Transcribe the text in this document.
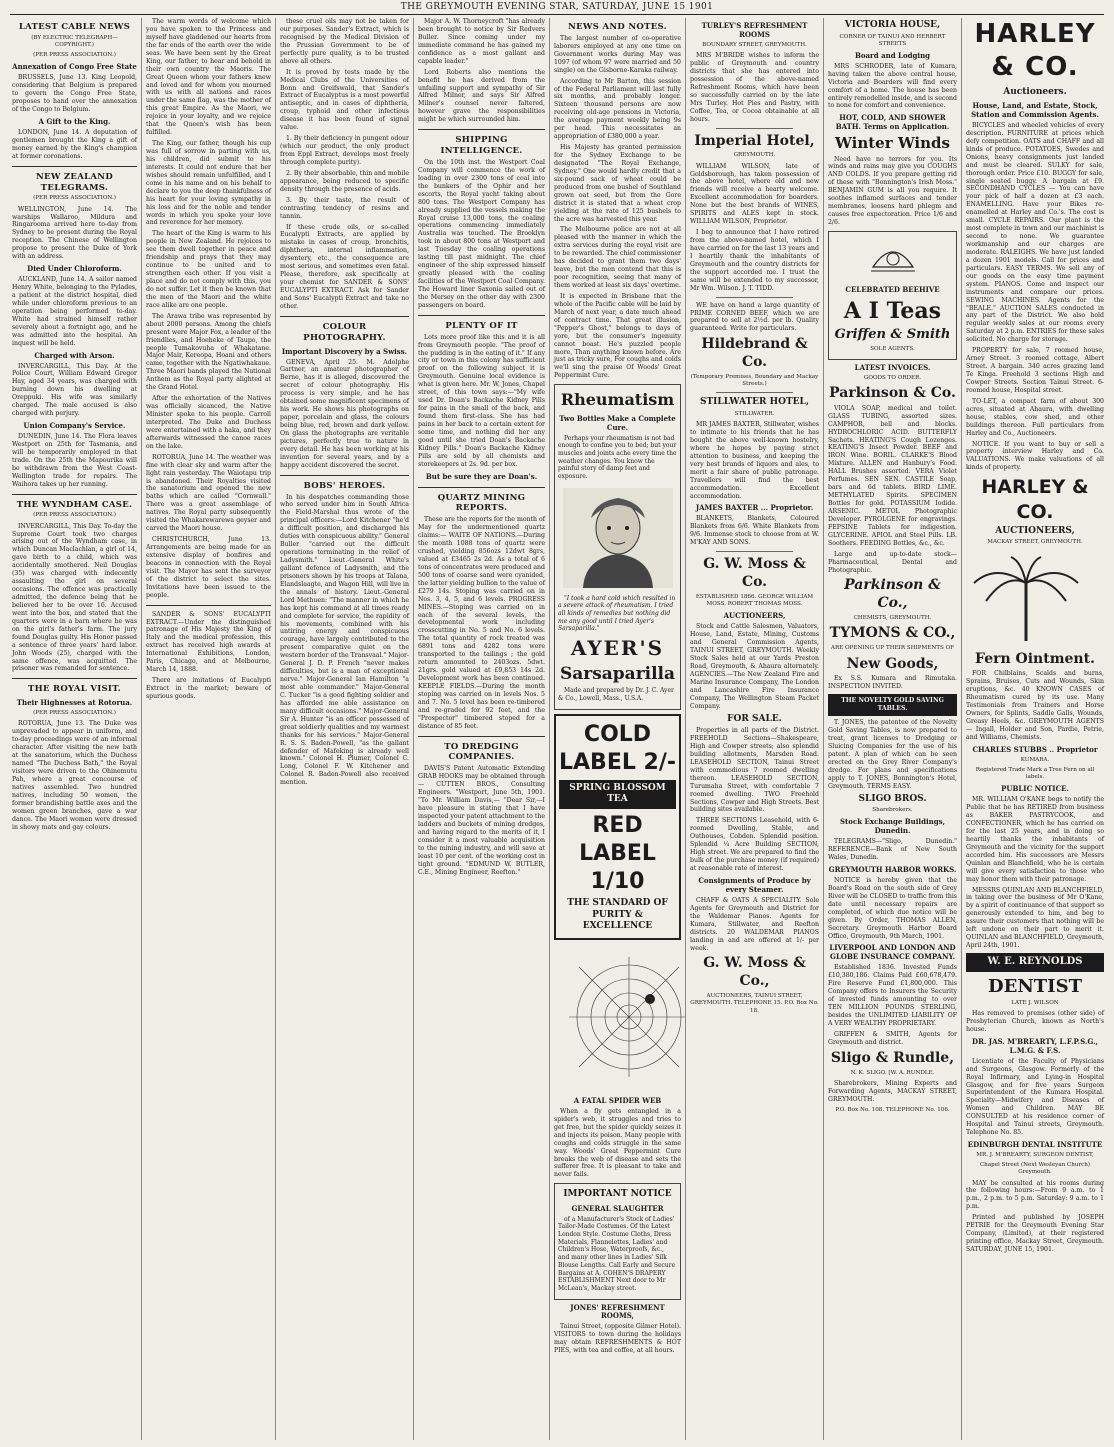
THE GREYMOUTH EVENING STAR, SATURDAY, JUNE 15 1901
LATEST CABLE NEWS
(BY ELECTRIC TELEGRAPH—COPYRIGHT.)
(PER PRESS ASSOCIATION.)
Annexation of Congo Free State

BRUSSELS, June 13. King Leopold, considering that Belgium is prepared to govern the Congo Free State, proposes to hand over the annexation of the Congo to Belgium.

A Gift to the King.

LONDON, June 14. A deputation of gentlemen brought the King a gift of money earned by the King's champion at former coronations.

NEW ZEALAND TELEGRAMS.
(PER PRESS ASSOCIATION.)

WELLINGTON, June 14. The warships Wallaroo, Mildura and Ringarooma arrived here to-day from Sydney to be present during the Royal reception. The Chinese of Wellington propose to present the Duke of York with an address.

Died Under Chloroform.

AUCKLAND, June 14. A sailor named Henry White, belonging to the Pylades, a patient at the district hospital, died while under chloroform previous to an operation being performed to-day. White had strained himself rather severely about a fortnight ago, and he was admitted into the hospital. An inquest will be held.

Charged with Arson.

INVERCARGILL, This Day. At the Police Court, William Edward Gregor Hay, aged 34 years, was charged with burning down his dwelling at Oreppuki. His wife was similarly charged. The male accused is also charged with perjury.

Union Company's Service.

DUNEDIN, June 14. The Flora leaves Westport on 25th for Tasmania, and will be temporarily employed in that trade. On the 25th the Mapourika will be withdrawn from the West Coast-Wellington trade for repairs. The Waihora takes up her running.

THE WYNDHAM CASE.
(PER PRESS ASSOCIATION.)

INVERCARGILL, This Day. To-day the Supreme Court took two charges arising out of the Wyndham case, in which Duncan Maclachlan, a girl of 14, gave birth to a child, which was accidentally smothered. Neil Douglas (35) was charged with indecently assaulting the girl on several occasions. The offence was practically admitted, the defence being that he believed her to be over 16. Accused went into the box, and stated that the quarters were in a barn where he was on the girl's father's farm. The jury found Douglas guilty. His Honor passed a sentence of three years' hard labor. John Woods (25), charged with the same offence, was acquitted. The prisoner was remanded for sentence.

THE ROYAL VISIT.
Their Highnesses at Rotorua.
(PER PRESS ASSOCIATION.)

ROTORUA, June 13. The Duke was unprevaded to appear in uniform, and to-day proceedings were of an informal character. After visiting the new bath at the sanatorium, which the Duchess named "The Duchess Bath," the Royal visitors were driven to the Ohinemutu Pah, where a great concourse of natives assembled. Two hundred natives, including 50 women, the former brandishing battle axes and the women green branches, gave a war dance. The Maori women were dressed in showy mats and gay colours.

The warm words of welcome which you have spoken to the Princess and myself have gladdened our hearts from the far ends of the earth over the wide seas. We have been sent by the Great King, our father, to hear and behold in their own country the Maoris. The Great Queen whom your fathers knew and loved and for whom you mourned with us with all nations and races under the same flag, was the mother of this great Empire. As the Maori, we rejoice in your loyalty, and we rejoice that the Queen's wish has been fulfilled.

The King, our father, though his cup was full of sorrow in parting with us, his children, did submit to his interests. It could not endure that her wishes should remain unfulfilled, and I come in his name and on his behalf to declare to you the deep thankfulness of his heart for your loving sympathy in his loss and for the noble and tender words in which you spoke your love and reverence for her memory.

The heart of the King is warm to his people in New Zealand. He rejoices to see them dwell together in peace and friendship and prays that they may continue to be united and to strengthen each other. If you visit a place and do not comply with this, you do not suffer. Let it then be known that the men of the Maori and the white race alike are one people.

The Arawa tribe was represented by about 2000 persons. Among the chiefs present were Major Fox, a leader of the friendlies, and Hoeheke of Taupo, the people Tumakovuha of Whakatane. Major Mair, Kereopa, Hoani and others came, together with the Ngatiwhakaue. Three Maori bands played the National Anthem as the Royal party alighted at the Grand Hotel.

After the exhortation of the Natives was officially sicanced, the Native Minister spoke to his people. Carroll interpreted. The Duke and Duchess were entertained with a haka, and they afterwards witnessed the canoe races on the lake.

ROTORUA, June 14. The weather was fine with clear sky and warm after the light rain yesterday. The Waiotapu trip is abandoned. Their Royalties visited the sanatorium and opened the new baths which are called "Cornwall." There was a great assemblage of natives. The Royal party subsequently visited the Whakarewarewa geyser and carved the Maori house.

CHRISTCHURCH, June 13. Arrangements are being made for an extensive display of bonfires and beacons in connection with the Royal visit. The Mayor has sent the surveyor of the district to select the sites. Invitations have been issued to the people.

SANDER & SONS' EUCALYPTI EXTRACT.—Under the distinguished patronage of His Majesty the King of Italy and the medical profession, this extract has received high awards at International Exhibitions, London, Paris, Chicago, and at Melbourne, March 14, 1888.

There are imitations of Eucalypti Extract in the market; beware of spurious goods.

these cruel oils may not be taken for our purposes. Sander's Extract, which is recognised by the Medical Division of the Prussian Government to be of perfectly pure quality, is to be trusted above all others.

It is proved by tests made by the Medical Clubs of the Universities of Bonn and Greifswald, that Sander's Extract of Eucalyptus is a most powerful antiseptic, and in cases of diphtheria, croup, typhoid and other infectious disease it has been found of signal value.

1. By their deficiency in pungent odour (which our product, the only product from Eppl Extract, develops most freely through complete purity).

2. By their absorbable, thin and mobile appearance, being reduced to specific density through the presence of acids.

3. By their taste, the result of contrasting tendency of resins and tannin.

If these crude oils, or so-called Eucalypti Extracts, are applied by mistake in cases of croup, bronchitis, diphtheria, internal inflammation, dysentery, etc., the consequence are most serious, and sometimes even fatal. Please, therefore, ask specifically at your chemist for SANDER & SONS' EUCALYPTI EXTRACT. Ask for Sander and Sons' Eucalypti Extract and take no other.

COLOUR PHOTOGRAPHY.
Important Discovery by a Swiss.

GENEVA, April 25. M. Adolphe Gartner, an amateur photographer of Berne, has it is alleged, discovered the secret of colour photography. His process is very simple, and he has obtained some magnificent specimens of his work. He shows his photographs on paper, porcelain and glass, the colours being blue, red, brown and dark yellow. On glass the photographs are veritable pictures, perfectly true to nature in every detail. He has been working at his invention for several years, and by a happy accident discovered the secret.

BOBS' HEROES.

In his despatches commanding those who served under him in South Africa the Field-Marshal thus wrote of the principal officers:—Lord Kitchener "he'd a difficult position, and discharged his duties with conspicuous ability." General Buller "carried out the difficult operations terminating in the relief of Ladysmith." Lieut.-General White's gallant defence of Ladysmith, and the prisoners shown by his troops at Talana, Elandslaagte, and Wagon Hill, will live in the annals of history. Lieut.-General Lord Methuen: "The manner in which he has kept his command at all times ready and complete for service, the rapidity of his movements, combined with his untiring energy and conspicuous courage, have largely contributed to the present comparative quiet on the western border of the Transvaal." Major-General J. D. P. French "never makes difficulties, but is a man of exceptional nerve." Major-General Ian Hamilton "a most able commander." Major-General C. Tucker "is a good fighting soldier and has afforded me able assistance on many difficult occasions." Major-General Sir A. Hunter "is an officer possessed of great soldierly qualities and my warmest thanks for his services." Major-General R. S. S. Baden-Powell, "as the gallant defender of Mafeking is already well known." Colonel H. Plumer, Colonel C. Long, Colonel F. W. Kitchener and Colonel R. Baden-Powell also received mention.

Major A. W. Thorneycroft "has already been brought to notice by Sir Redvers Buller. Since coming under my immediate command he has gained my confidence as a most gallant and capable leader."

Lord Roberts also mentions the benefit he has derived from the unfailing support and sympathy of Sir Alfred Milner, and says Sir Alfred Milner's counsel never faltered, however grave the responsibilities might be which surrounded him.

SHIPPING INTELLIGENCE.

On the 10th inst. the Westport Coal Company will commence the work of loading in over 2300 tons of coal into the bunkers of the Ophir and her escorts, the Royal yacht taking about 800 tons. The Westport Company has already supplied the vessels making the Royal cruise 13,000 tons, the coaling operations commencing immediately Australia was touched. The Brooklyn took in about 800 tons at Westport and last Tuesday the coaling operations lasting till past midnight. The chief engineer of the ship expressed himself greatly pleased with the coaling facilities of the Westport Coal Company. The Howard liner Saxonia sailed out of the Mersey on the other day with 2300 passengers on board.

PLENTY OF IT

Lots more proof like this and it is all from Greymouth people. "The proof of the pudding is in the eating of it." If any city or town in this colony has sufficient proof on the following subject it is Greymouth. Genuine local evidence is what is given here. Mr. W. Jones, Chapel street, of this town says:—"My wife used Dr. Doan's Backache Kidney Pills for pains in the small of the back, and found them first-class. She has had pains in her back to a certain extent for some time, and nothing did her any good until she tried Doan's Backache Kidney Pills." Doan's Backache Kidney Pills are sold by all chemists and storekeepers at 2s. 9d. per box.

But be sure they are Doan's.
QUARTZ MINING REPORTS.

These are the reports for the month of May for the undermentioned quartz claims:— WAITE OF NATIONS.—During the month 1088 tons of quartz were crushed, yielding 856ozs 12dwt 8grs, valued at £3465 2s 2d. As a total of 6 tons of concentrates were produced and 500 tons of coarse sand were cyanided, the latter yielding bullion to the value of £279 14s. Stoping was carried on in Nos. 3, 4, 5, and 6 levels. PROGRESS MINES.—Stoping was carried on in each of the several levels, the developmental work including crosscutting in No. 5 and No. 6 levels. The total quantity of rock treated was 6891 tons and 4282 tons were transported to the tailings ; the gold return amounted to 2403ozs. 5dwt. 21grs. gold valued at £9,853 14s 2d. Development work has been continued. KEEPLE FIELDS.—During the month stoping was carried on in levels Nos. 5 and 7. No. 5 level has been re-timbered and re-graded for 92 feet, and the "Prospector" timbered stoped for a distance of 85 feet.

TO DREDGING COMPANIES.

DAVIS'S Patent Automatic Extending GRAB HOOKS may be obtained through— CUTTEN BROS., Consulting Engineers. "Westport, June 5th, 1901. "To Mr. William Davis,— "Dear Sir,—I have pleasure in stating that I have inspected your patent attachment to the ladders and buckets of mining dredges, and having regard to the merits of it, I consider it a most valuable acquisition to the mining industry, and will save at least 10 per cent. of the working cost in tight ground. "EDMUND W. BUTLER, C.E., Mining Engineer, Reefton."

NEWS AND NOTES.

The largest number of co-operative laborers employed at any one time on Government works during May was 1097 (of whom 97 were married and 50 single) on the Gisborne-Karaka railway.

According to Mr Barton, this session of the Federal Parliament will last fully six months, and probably longer. Sixteen thousand persons are now receiving old-age pensions in Victoria, the average payment weekly being 9s per head. This necessitates an appropriation of £380,000 a year.

His Majesty has granted permission for the Sydney Exchange to be designated "The Royal Exchange, Sydney." One would hardly credit that a six-pound sack of wheat could be produced from one bushel of Southland grown oat seed, but from the Gore district it is stated that a wheat crop yielding at the rate of 125 bushels to the acre was harvested this year.

The Melbourne police are not at all pleased with the manner in which the extra services during the royal visit are to be rewarded. The chief commissioner has decided to grant them two days' leave, but the men contend that this is poor recognition, seeing that many of them worked at least six days' overtime.

It is expected in Brisbane that the whole of the Pacific cable will be laid by March of next year, a date much ahead of contract time. That great illusion, "Pepper's Ghost," belongs to days of yore, but the consumer's ingenuity cannot boast. He's puzzled people more, Than anything known before. Are just as tricky sure, For coughs and colds we'll sing the praise Of Woods' Great Peppermint Cure.

Rheumatism
Two Bottles Make a Complete Cure.

Perhaps your rheumatism is not bad enough to confine you to bed; but your muscles and joints ache every time the weather changes. You know the painful story of damp feet and exposure.

"I took a hard cold which resulted in a severe attack of rheumatism. I tried all kinds of remedies but nothing did me any good until I tried Ayer's Sarsaparilla."

AYER'S
Sarsaparilla

Made and prepared by Dr. J. C. Ayer & Co., Lowell, Mass., U.S.A.

COLD LABEL 2/-
SPRING BLOSSOM TEA
RED LABEL 1/10
THE STANDARD OF PURITY & EXCELLENCE
A FATAL SPIDER WEB

When a fly gets entangled in a spider's web, it struggles and tries to get free, but the spider quickly seizes it and injects its poison. Many people with coughs and colds struggle in the same way. Woods' Great Peppermint Cure breaks the web of disease and sets the sufferer free. It is pleasant to take and never fails.

IMPORTANT NOTICE
GENERAL SLAUGHTER

of a Manufacturer's Stock of Ladies' Tailor-Made Costumes. Of the Latest London Style. Costume Cloths, Dress Materials, Flannelettes, Ladies' and Children's Hose, Waterproofs, &c., and many other lines in Ladies' Silk Blouse Lengths. Call Early and Secure Bargains at A. COHEN'S DRAPERY ESTABLISHMENT Next door to Mr McLean's, Mackay street.

JONES' REFRESHMENT ROOMS,

Tainui Street, (opposite Gilmer Hotel). VISITORS to town during the holidays may obtain REFRESHMENTS & HOT PIES, with tea and coffee, at all hours.

TURLEY'S REFRESHMENT ROOMS
BOUNDARY STREET, GREYMOUTH.

MRS M'BRIDE wishes to inform the public of Greymouth and country districts that she has entered into possession of the above-named Refreshment Rooms, which have been so successfully carried on by the late Mrs Turley. Hot Pies and Pastry, with Coffee, Tea, or Cocoa obtainable at all hours.

Imperial Hotel,
GREYMOUTH.

WILLIAM WILSON, late of Goldsborough, has taken possession of the above hotel, where old and new friends will receive a hearty welcome. Excellent accommodation for boarders. None but the best brands of WINES, SPIRITS and ALES kept in stock. WILLIAM WILSON, Proprietor.

I beg to announce that I have retired from the above-named hotel, which I have carried on for the last 13 years and I heartily thank the inhabitants of Greymouth and the country districts for the support accorded me. I trust the same will be extended to my successor, Mr Wm. Wilson. J. T. TIDD.

WE have on hand a large quantity of PRIME CORNED BEEF, which we are prepared to sell at 2½d. per lb. Quality guaranteed. Write for particulars.

Hildebrand & Co.
(Temporary Premises, Boundary and Mackay Streets.)
STILLWATER HOTEL,
STILLWATER.

MR JAMES BAXTER, Stillwater, wishes to intimate to his friends that he has bought the above well-known hostelry, where he hopes by paying strict attention to business, and keeping the very best brands of liquors and ales, to merit a fair share of public patronage. Travellers will find the best accommodation. Excellent accommodation.

JAMES BAXTER ... Proprietor.

BLANKETS, Blankets, Coloured Blankets from 6/6. White Blankets from 9/6. Immense stock to choose from at W. M'KAY AND SONS.

G. W. Moss & Co.
ESTABLISHED 1866. GEORGE WILLIAM MOSS. ROBERT THOMAS MOSS.
AUCTIONEERS,

Stock and Cattle Salesmen, Valuators, House, Land, Estate, Mining, Customs and General Commission Agents, TAINUI STREET, GREYMOUTH. Weekly Stock Sales held at our Yards Preston Road, Greymouth, & Ahaura alternately. AGENCIES.—The New Zealand Fire and Marine Insurance Company, The London and Lancashire Fire Insurance Company, The Wellington Steam Packet Company.

FOR SALE.

Properties in all parts of the District. FREEHOLD Sections—Shakespeare, High and Cowper streets; also splendid building allotments, Marsden Road. LEASEHOLD SECTION, Tainui Street with commodious 7 roomed dwelling thereon. LEASEHOLD SECTION, Turumaha Street, with comfortable 7 roomed dwelling. TWO Freehold Sections, Cowper and High Streets. Best building sites available.

THREE SECTIONS Leasehold, with 6-roomed Dwelling, Stable, and Outhouses, Cobden. Splendid position. Splendid ¼ Acre Building SECTION, High street. We are prepared to find the bulk of the purchase money (if required) at reasonable rate of interest.

Consignments of Produce by every Steamer.

CHAFF & OATS A SPECIALITY. Sole Agents for Greymouth and District for the Waldemar Pianos. Agents for Kumara, Stillwater, and Reefton districts. 20 WALDEMAR PIANOS landing in and are offered at 1/- per week.

G. W. Moss & Co.,
AUCTIONEERS, TAINUI STREET, GREYMOUTH. TELEPHONE 15. P.O. Box No. 18.
VICTORIA HOUSE,
CORNER OF TAINUI AND HERBERT STREETS
Board and Lodging

MRS SCHRODER, late of Kumara, having taken the above central house, Victoria and Boarders will find every comfort of a home. The house has been entirely remodelled inside, and is second to none for comfort and convenience.

HOT, COLD, AND SHOWER BATH. Terms on Application.
Winter Winds

Need have no terrors for you. Its winds and rains may give you COUGHS AND COLDS. If you prepare getting rid of these with "Bonnington's Irish Moss." BENJAMIN GUM is all you require. It soothes inflamed surfaces and tender membranes, loosens hard phlegm and causes free expectoration. Price 1/6 and 2/6.

CELEBRATED BEEHIVE
A I Teas
Griffen & Smith
SOLE AGENTS.
LATEST INVOICES.
GOODS TO ORDER.
Parkinson & Co.

VIOLA SOAP, medical and toilet. GLASS TUBING, assorted sizes. CAMPHOR, bell and blocks. HYDROCHLORIC ACID. BUTTERFLY Sachets. HEATING'S Cough Lozenges. KEATING'S Insect Powder. BEEF and IRON Wine. BORIL. CLARKE'S Blood Mixture. ALLEN and Hanbury's Food. HALL Brushes assorted. VERA Violet Perfumes. SEN SEN. CASTILE Soap, bars and 6d tablets. BIRD LIME. METHYLATED Spirits. SPECIMEN Bottles for gold. POTASSIUM Iodide. ARSENIC. METOL Photographic Developer. PYROLGENE for engravings. FEPSINE Tablets for indigestion. GLYCERINE. APIOL and Steel Pills. LB. Soothers. FEEDING Bottles, &c., &c.

Large and up-to-date stock—Pharmaceutical, Dental and Photographic.

Parkinson & Co.,
CHEMISTS, GREYMOUTH.
TYMONS & CO.,
ARE OPENING UP THEIR SHIPMENTS OF
New Goods,

Ex S.S. Kumara and Rimutaka. INSPECTION INVITED.

THE NOVELTY GOLD SAVING TABLES.

T. JONES, the patentee of the Novelty Gold Saving Tables, is now prepared to treat, grant licenses to Dredging or Sluicing Companies for the use of his patent. A plan of which can be seen erected on the Grey River Company's dredge. For plans and specifications apply to T. JONES, Bonnington's Hotel, Greymouth. TERMS EASY.

SLIGO BROS.
Sharebrokers.
Stock Exchange Buildings, Dunedin.

TELEGRAMS—"Sligo, Dunedin." REFERENCE—Bank of New South Wales, Dunedin.

GREYMOUTH HARBOR WORKS.

NOTICE is hereby given that the Board's Road on the south side of Grey River will be CLOSED to traffic from this date until necessary repairs are completed, of which due notice will be given. By Order, THOMAS ALLEN, Secretary. Greymouth Harbor Board Office, Greymouth, 9th March, 1901.

LIVERPOOL AND LONDON AND GLOBE INSURANCE COMPANY.

Established 1836. Invested Funds £10,380,186. Claims Paid £60,678,479. Fire Reserve Fund £1,800,000. This Company offers to Insurers the Security of invested funds amounting to over TEN MILLION POUNDS STERLING, besides the UNLIMITED LIABILITY OF A VERY WEALTHY PROPRIETARY.

GRIFFEN & SMITH, Agents for Greymouth and district.

Sligo & Rundle,
N. K. SLIGO. [W. A. RUNDLE.

Sharebrokers, Mining Experts and Forwarding Agents, MACKAY STREET, GREYMOUTH.

P.O. Box No. 108. TELEPHONE No. 106.
HARLEY & CO.
Auctioneers.
House, Land, and Estate, Stock, Station and Commission Agents.

BICYCLES and wheeled vehicles of every description. FURNITURE at prices which defy competition. OATS and CHAFF and all kinds of produce. POTATOES, Swedes and Onions, heavy consignments just landed and must be cleared. SULKY for sale, thorough order. Price £10. BUGGY for sale, single seated buggy. A bargain at £9. SECONDHAND CYCLES — You can have your pick of half a dozen at £3 each. ENAMELLING. Have your Bikes re-enamelled at Harley and Co.'s. The cost is small. CYCLE REPAIRS. Our plant is the most complete in town and our machinist is second to none. We guarantee workmanship and our charges are moderate. RALEIGHS. We have just landed a dozen 1901 models. Call for prices and particulars. EASY TERMS. We sell any of our goods on the easy time payment system. PIANOS. Come and inspect our instruments and compare our prices. SEWING MACHINES. Agents for the "BEALE." AUCTION SALES conducted in any part of the District. We also hold regular weekly sales at our rooms every Saturday at 2 p.m. ENTRIES for these sales solicited. No charge for storage.

PROPERTY for sale, 7 roomed house, Arney Street. 3 roomed cottage, Albert Street. A bargain. 340 acres grazing land Te Kinga. Freehold 3 sections High and Cowper Streets. Section Tainui Street. 6-roomed house, Hospital street.

TO-LET, a compact farm of about 300 acres, situated at Ahaura, with dwelling house, stables, cow shed, and other buildings thereon. Full particulars from Harley and Co., Auctioneers.

NOTICE. If you want to buy or sell a property interview Harley and Co. VALUATIONS. We make valuations of all kinds of property.

HARLEY & CO.
AUCTIONEERS,
MACKAY STREET, GREYMOUTH.
Fern Ointment.

FOR Chilblains, Scalds and burns, Sprains, Bruises, Cuts and Wounds, Skin eruptions, &c. 40 KNOWN CASES of Rheumatism cured by its use. Many Testimonials from Trainers and Horse Owners, for Splints, Saddle Galls, Wounds, Greasy Heels, &c. GREYMOUTH AGENTS — Ingall, Holder and Son, Pardie, Petrie, and Williams, Chemists.

CHARLES STUBBS .. Proprietor
KUMARA.
Registered Trade Mark a Tree Fern on all labels.
PUBLIC NOTICE.

MR. WILLIAM O'KANE begs to notify the Public that he has RETIRED from business as BAKER PASTRYCOOK, and CONFECTIONER, which he has carried on for the last 25 years, and in doing so heartily thanks the inhabitants of Greymouth and the vicinity for the support accorded him. His successors are Messrs Quinlan and Blanchfield, who he is certain will give every satisfaction to those who may honor them with their patronage.

MESSRS QUINLAN AND BLANCHFIELD, in taking over the business of Mr O'Kane, by a spirit of continuance of that support so generously extended to him, and beg to assure their customers that nothing will be left undone on their part to merit it. QUINLAN and BLANCHFIELD, Greymouth, April 24th, 1901.

W. E. REYNOLDS
DENTIST
LATE J. WILSON

Has removed to premises (other side) of Presbyterian Church, known as North's house.

DR. JAS. M'BREARTY, L.F.P.S.G., L.M.G. & F.S.

Licentiate of the Faculty of Physicians and Surgeons, Glasgow. Formerly of the Royal Infirmary, and Lying-in Hospital Glasgow, and for five years Surgeon Superintendent of the Kumara Hospital. Specialty—Midwifery and Diseases of Women and Children. MAY BE CONSULTED at his residence corner of Hospital and Tainui streets, Greymouth. Telephone No. 85.

EDINBURGH DENTAL INSTITUTE
MR. J. M'BREARTY, SURGEON DENTIST,
Chapel Street (Next Wesleyan Church) Greymouth.

MAY be consulted at his rooms during the following hours:—From 9 a.m. to 1 p.m., 2 p.m. to 5 p.m. Saturday: 9 a.m. to 1 p.m.

Printed and published by JOSEPH PETRIE for the Greymouth Evening Star Company, (Limited), at their registered printing office, Mackay Street, Greymouth. SATURDAY, JUNE 15, 1901.
